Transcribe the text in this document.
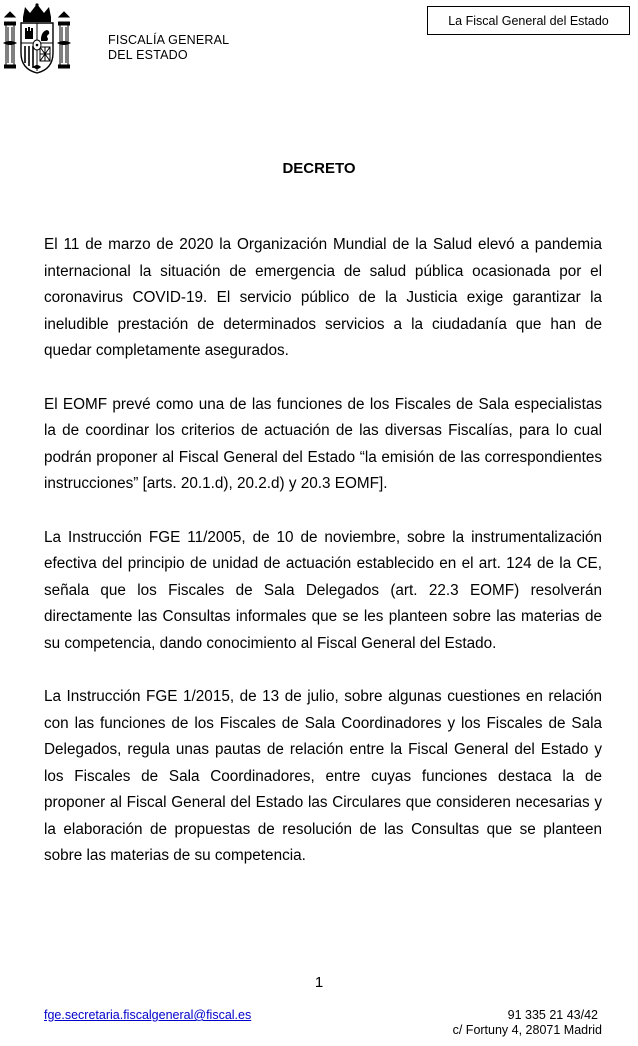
FISCALÍA GENERAL
DEL ESTADO
La Fiscal General del Estado
DECRETO

El 11 de marzo de 2020 la Organización Mundial de la Salud elevó a pandemia internacional la situación de emergencia de salud pública ocasionada por el coronavirus COVID-19. El servicio público de la Justicia exige garantizar la ineludible prestación de determinados servicios a la ciudadanía que han de quedar completamente asegurados.

El EOMF prevé como una de las funciones de los Fiscales de Sala especialistas la de coordinar los criterios de actuación de las diversas Fiscalías, para lo cual podrán proponer al Fiscal General del Estado “la emisión de las correspondientes instrucciones” [arts. 20.1.d), 20.2.d) y 20.3 EOMF].

La Instrucción FGE 11/2005, de 10 de noviembre, sobre la instrumentalización efectiva del principio de unidad de actuación establecido en el art. 124 de la CE, señala que los Fiscales de Sala Delegados (art. 22.3 EOMF) resolverán directamente las Consultas informales que se les planteen sobre las materias de su competencia, dando conocimiento al Fiscal General del Estado.

La Instrucción FGE 1/2015, de 13 de julio, sobre algunas cuestiones en relación con las funciones de los Fiscales de Sala Coordinadores y los Fiscales de Sala Delegados, regula unas pautas de relación entre la Fiscal General del Estado y los Fiscales de Sala Coordinadores, entre cuyas funciones destaca la de proponer al Fiscal General del Estado las Circulares que consideren necesarias y la elaboración de propuestas de resolución de las Consultas que se planteen sobre las materias de su competencia.

1
fge.secretaria.fiscalgeneral@fiscal.es	91 335 21 43/42
c/ Fortuny 4, 28071 Madrid
